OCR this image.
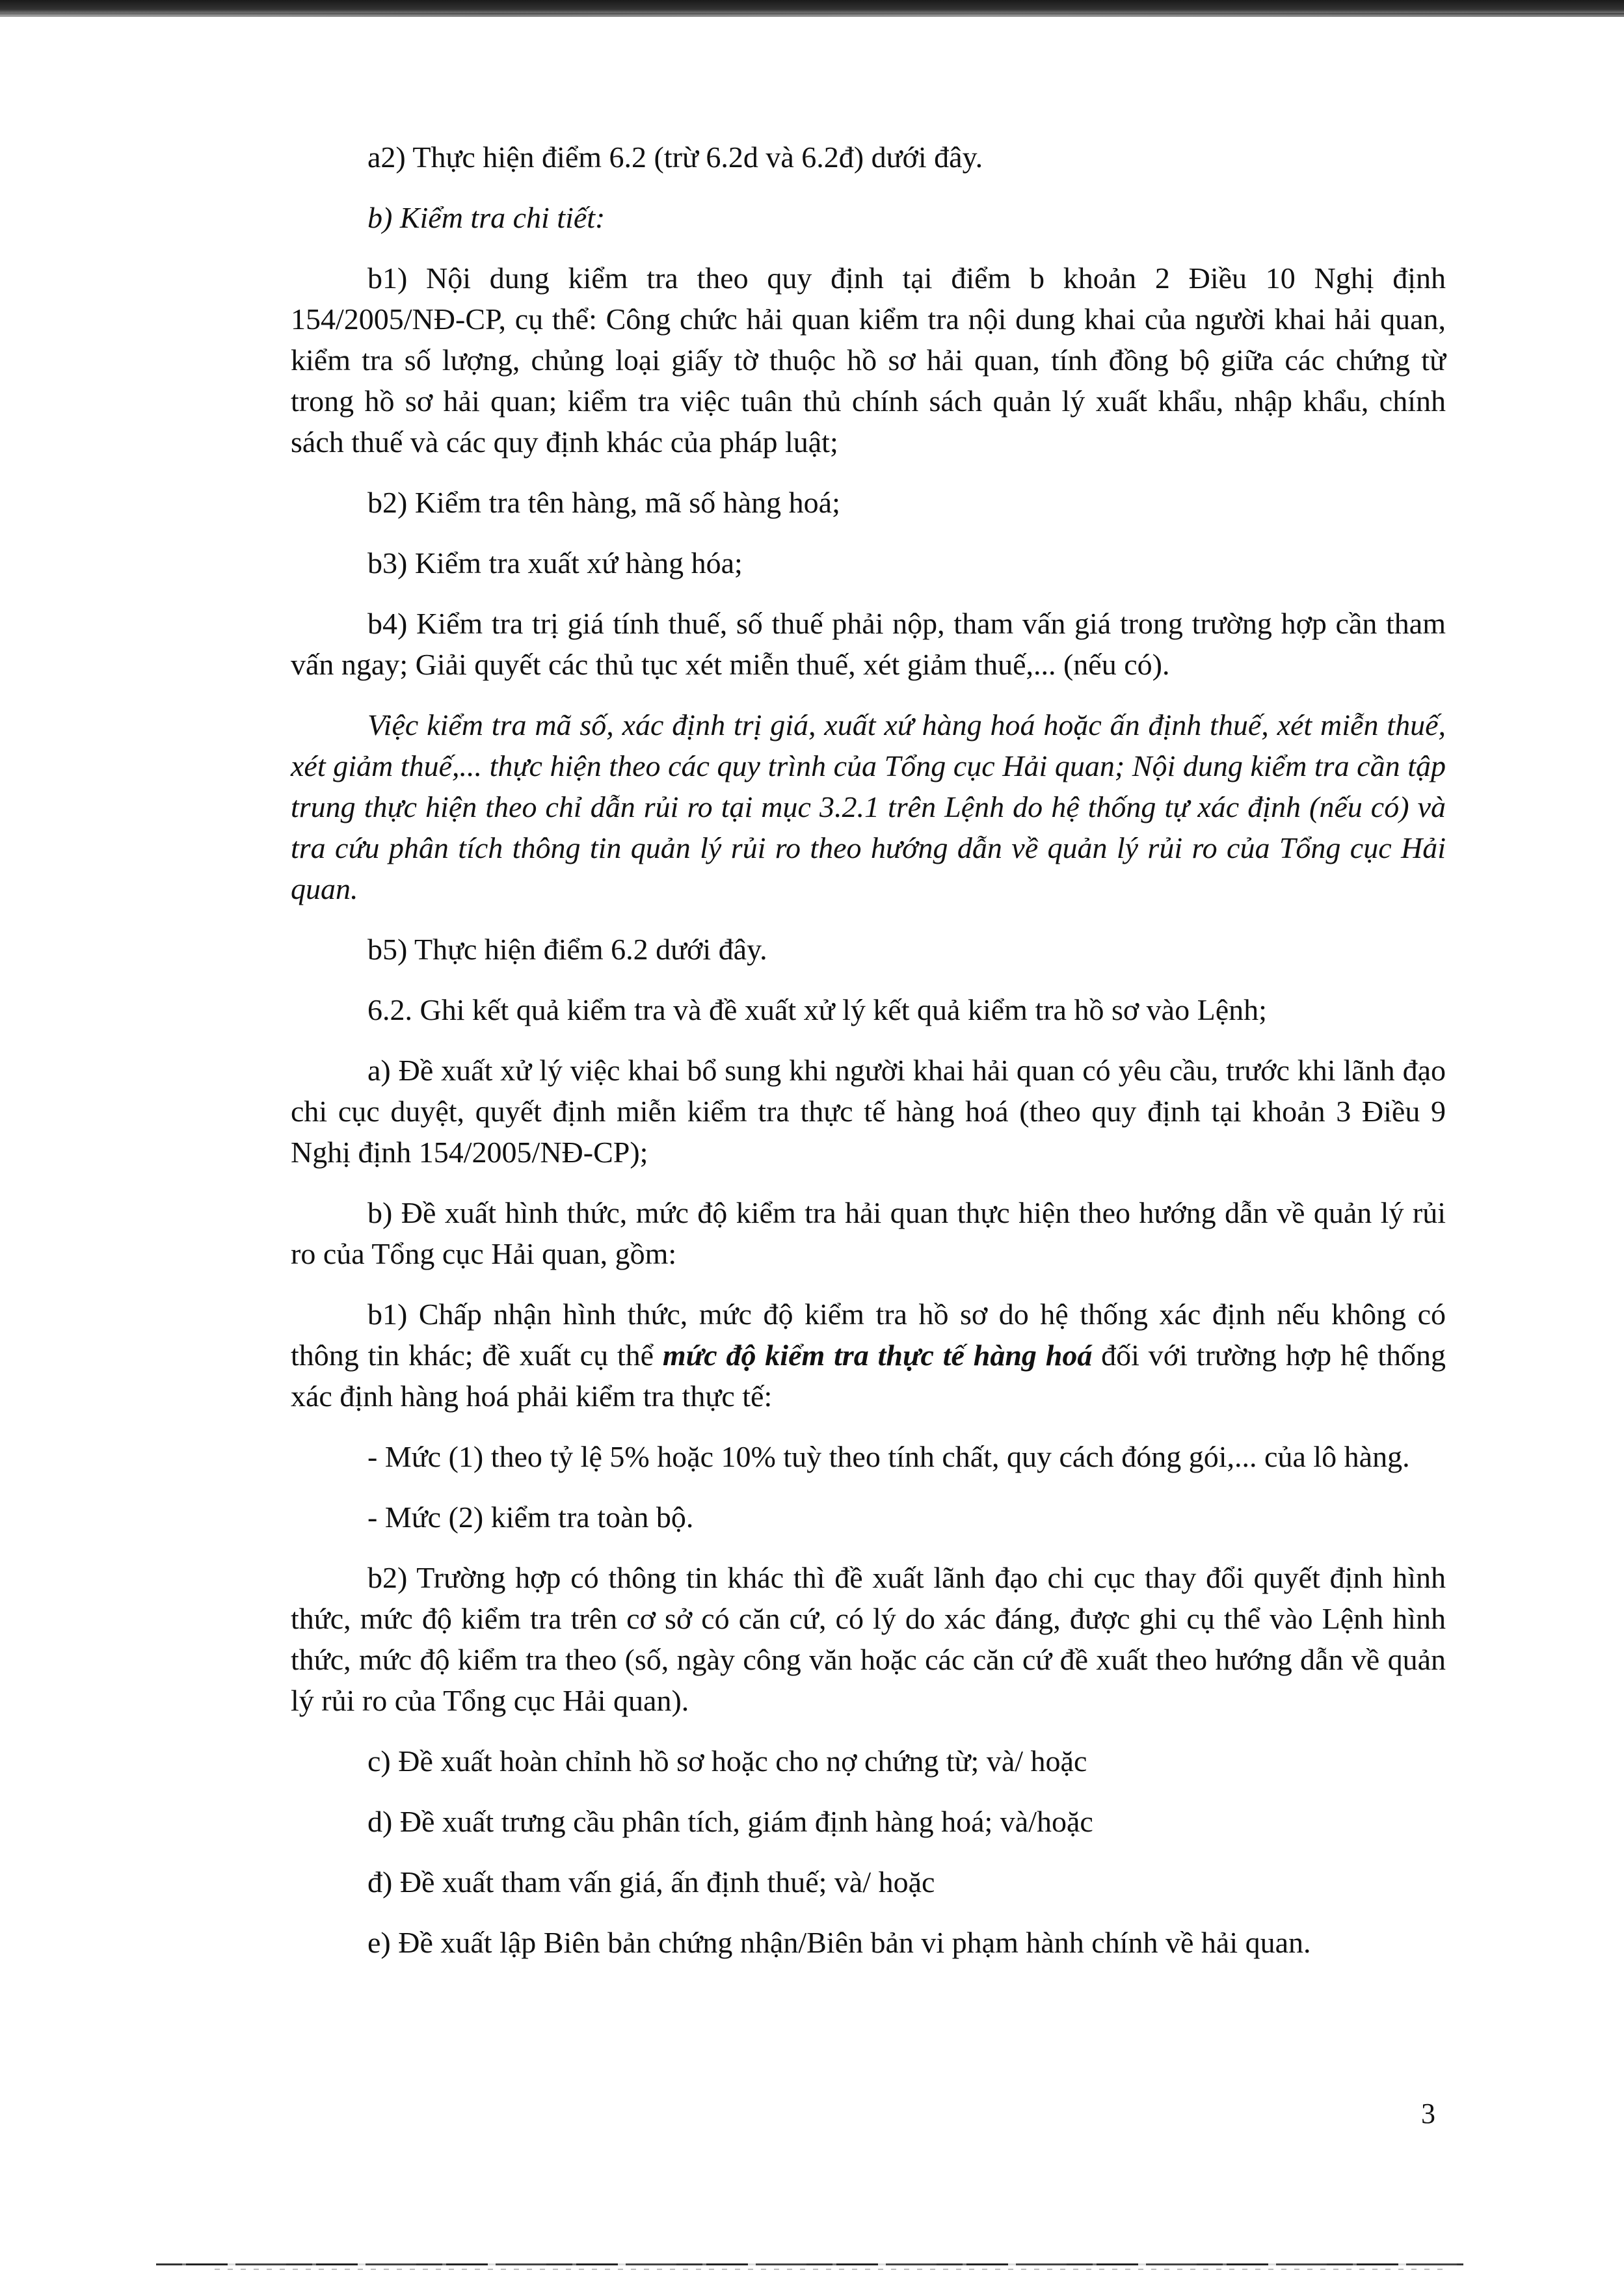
a2) Thực hiện điểm 6.2 (trừ 6.2d và 6.2đ) dưới đây.

b) Kiểm tra chi tiết:

b1) Nội dung kiểm tra theo quy định tại điểm b khoản 2 Điều 10 Nghị định 154/2005/NĐ-CP, cụ thể: Công chức hải quan kiểm tra nội dung khai của người khai hải quan, kiểm tra số lượng, chủng loại giấy tờ thuộc hồ sơ hải quan, tính đồng bộ giữa các chứng từ trong hồ sơ hải quan; kiểm tra việc tuân thủ chính sách quản lý xuất khẩu, nhập khẩu, chính sách thuế và các quy định khác của pháp luật;

b2) Kiểm tra tên hàng, mã số hàng hoá;

b3) Kiểm tra xuất xứ hàng hóa;

b4) Kiểm tra trị giá tính thuế, số thuế phải nộp, tham vấn giá trong trường hợp cần tham vấn ngay; Giải quyết các thủ tục xét miễn thuế, xét giảm thuế,... (nếu có).

Việc kiểm tra mã số, xác định trị giá, xuất xứ hàng hoá hoặc ấn định thuế, xét miễn thuế, xét giảm thuế,... thực hiện theo các quy trình của Tổng cục Hải quan; Nội dung kiểm tra cần tập trung thực hiện theo chỉ dẫn rủi ro tại mục 3.2.1 trên Lệnh do hệ thống tự xác định (nếu có) và tra cứu phân tích thông tin quản lý rủi ro theo hướng dẫn về quản lý rủi ro của Tổng cục Hải quan.

b5) Thực hiện điểm 6.2 dưới đây.

6.2. Ghi kết quả kiểm tra và đề xuất xử lý kết quả kiểm tra hồ sơ vào Lệnh;

a) Đề xuất xử lý việc khai bổ sung khi người khai hải quan có yêu cầu, trước khi lãnh đạo chi cục duyệt, quyết định miễn kiểm tra thực tế hàng hoá (theo quy định tại khoản 3 Điều 9 Nghị định 154/2005/NĐ-CP);

b) Đề xuất hình thức, mức độ kiểm tra hải quan thực hiện theo hướng dẫn về quản lý rủi ro của Tổng cục Hải quan, gồm:

b1) Chấp nhận hình thức, mức độ kiểm tra hồ sơ do hệ thống xác định nếu không có thông tin khác; đề xuất cụ thể mức độ kiểm tra thực tế hàng hoá đối với trường hợp hệ thống xác định hàng hoá phải kiểm tra thực tế:

- Mức (1) theo tỷ lệ 5% hoặc 10% tuỳ theo tính chất, quy cách đóng gói,... của lô hàng.

- Mức (2) kiểm tra toàn bộ.

b2) Trường hợp có thông tin khác thì đề xuất lãnh đạo chi cục thay đổi quyết định hình thức, mức độ kiểm tra trên cơ sở có căn cứ, có lý do xác đáng, được ghi cụ thể vào Lệnh hình thức, mức độ kiểm tra theo (số, ngày công văn hoặc các căn cứ đề xuất theo hướng dẫn về quản lý rủi ro của Tổng cục Hải quan).

c) Đề xuất hoàn chỉnh hồ sơ hoặc cho nợ chứng từ; và/ hoặc

d) Đề xuất trưng cầu phân tích, giám định hàng hoá; và/hoặc

đ) Đề xuất tham vấn giá, ấn định thuế; và/ hoặc

e) Đề xuất lập Biên bản chứng nhận/Biên bản vi phạm hành chính về hải quan.

3
